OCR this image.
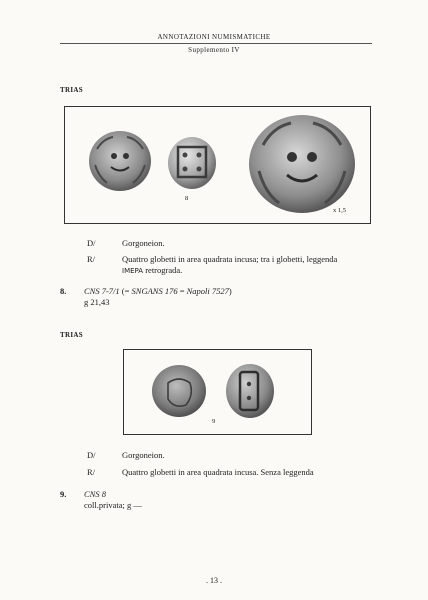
ANNOTAZIONI NUMISMATICHE
Supplemento IV
TRIAS
8
x 1,5
D/	Gorgoneion.
R/	Quattro globetti in area quadrata incusa; tra i globetti, leggenda
IMEPA retrograda.
8. CNS 7-7/1 (= SNGANS 176 = Napoli 7527)
g 21,43
TRIAS
9
D/	Gorgoneion.
R/	Quattro globetti in area quadrata incusa. Senza leggenda
9. CNS 8
coll.privata; g —
. 13 .
